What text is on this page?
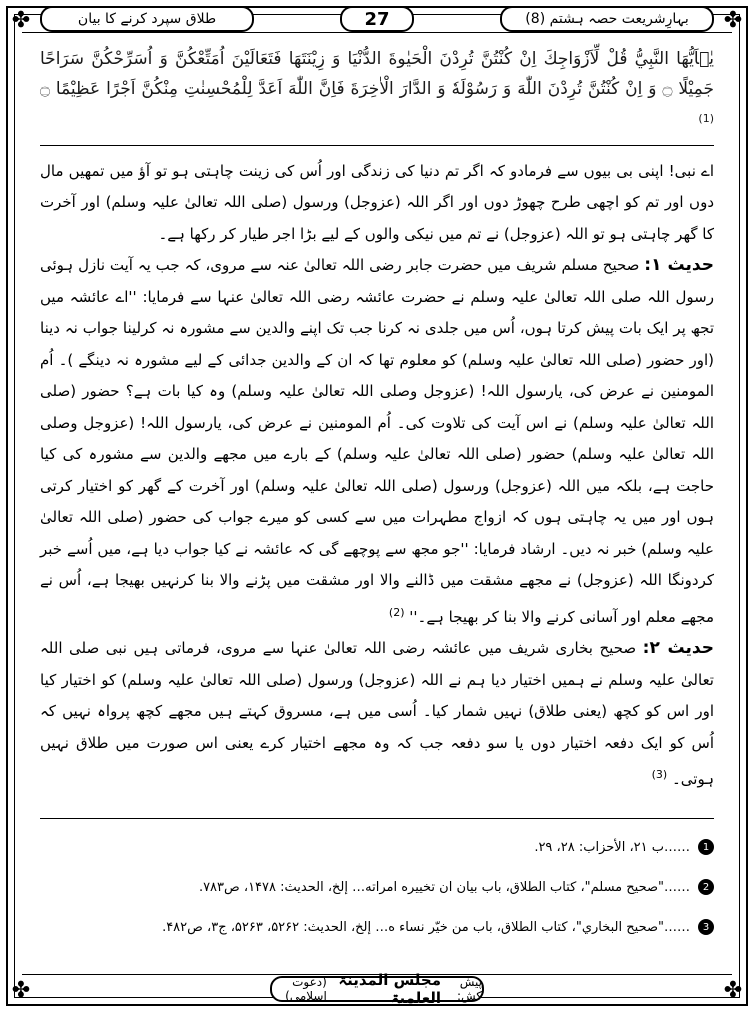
✤	✤
✤	✤
بہارِشریعت حصہ ہشتم (8)
27
طلاق سپرد کرنے کا بیان
يٰۤاَيُّهَا النَّبِيُّ قُلْ لِّاَزْوَاجِكَ اِنْ كُنْتُنَّ تُرِدْنَ الْحَيٰوةَ الدُّنْيَا وَ زِيْنَتَهَا فَتَعَالَيْنَ اُمَتِّعْكُنَّ وَ اُسَرِّحْكُنَّ سَرَاحًا جَمِيْلًا ۝ وَ اِنْ كُنْتُنَّ تُرِدْنَ اللّٰهَ وَ رَسُوْلَهٗ وَ الدَّارَ الْاٰخِرَةَ فَاِنَّ اللّٰهَ اَعَدَّ لِلْمُحْسِنٰتِ مِنْكُنَّ اَجْرًا عَظِيْمًا ۝ $^{(1)}$

اے نبی! اپنی بی بیوں سے فرمادو کہ اگر تم دنیا کی زندگی اور اُس کی زینت چاہتی ہو تو آؤ میں تمھیں مال دوں اور تم کو اچھی طرح چھوڑ دوں اور اگر اللہ (عزوجل) ورسول (صلی اللہ تعالیٰ علیہ وسلم) اور آخرت کا گھر چاہتی ہو تو اللہ (عزوجل) نے تم میں نیکی والوں کے لیے بڑا اجر طیار کر رکھا ہے۔

حدیث ۱: صحیح مسلم شریف میں حضرت جابر رضی اللہ تعالیٰ عنہ سے مروی، کہ جب یہ آیت نازل ہوئی رسول اللہ صلی اللہ تعالیٰ علیہ وسلم نے حضرت عائشہ رضی اللہ تعالیٰ عنہا سے فرمایا: ''اے عائشہ میں تجھ پر ایک بات پیش کرتا ہوں، اُس میں جلدی نہ کرنا جب تک اپنے والدین سے مشورہ نہ کرلینا جواب نہ دینا (اور حضور (صلی اللہ تعالیٰ علیہ وسلم) کو معلوم تھا کہ ان کے والدین جدائی کے لیے مشورہ نہ دینگے )۔ اُم المومنین نے عرض کی، یارسول اللہ! (عزوجل وصلی اللہ تعالیٰ علیہ وسلم) وہ کیا بات ہے؟ حضور (صلی اللہ تعالیٰ علیہ وسلم) نے اس آیت کی تلاوت کی۔ اُم المومنین نے عرض کی، یارسول اللہ! (عزوجل وصلی اللہ تعالیٰ علیہ وسلم) حضور (صلی اللہ تعالیٰ علیہ وسلم) کے بارے میں مجھے والدین سے مشورہ کی کیا حاجت ہے، بلکہ میں اللہ (عزوجل) ورسول (صلی اللہ تعالیٰ علیہ وسلم) اور آخرت کے گھر کو اختیار کرتی ہوں اور میں یہ چاہتی ہوں کہ ازواج مطہرات میں سے کسی کو میرے جواب کی حضور (صلی اللہ تعالیٰ علیہ وسلم) خبر نہ دیں۔ ارشاد فرمایا: ''جو مجھ سے پوچھے گی کہ عائشہ نے کیا جواب دیا ہے، میں اُسے خبر کردونگا اللہ (عزوجل) نے مجھے مشقت میں ڈالنے والا اور مشقت میں پڑنے والا بنا کرنہیں بھیجا ہے، اُس نے مجھے معلم اور آسانی کرنے والا بنا کر بھیجا ہے۔'' $^{(2)}$

حدیث ۲: صحیح بخاری شریف میں عائشہ رضی اللہ تعالیٰ عنہا سے مروی، فرماتی ہیں نبی صلی اللہ تعالیٰ علیہ وسلم نے ہمیں اختیار دیا ہم نے اللہ (عزوجل) ورسول (صلی اللہ تعالیٰ علیہ وسلم) کو اختیار کیا اور اس کو کچھ (یعنی طلاق) نہیں شمار کیا۔ اُسی میں ہے، مسروق کہتے ہیں مجھے کچھ پرواہ نہیں کہ اُس کو ایک دفعہ اختیار دوں یا سو دفعہ جب کہ وہ مجھے اختیار کرے یعنی اس صورت میں طلاق نہیں ہوتی۔ $^{(3)}$

1
……ب ۲۱، الأحزاب: ۲۸، ۲۹.
2
……"صحيح مسلم"، كتاب الطلاق، باب بيان ان تخييره امراته… إلخ، الحديث: ۱۴۷۸، ص۷۸۳.
3
……"صحيح البخاري"، كتاب الطلاق، باب من خيّر نساء ه… إلخ، الحديث: ۵۲۶۲، ۵۲۶۳، ج۳، ص۴۸۲.
پیش کش:
مجلس المدینۃ العلمیۃ
(دعوت اسلامی)
